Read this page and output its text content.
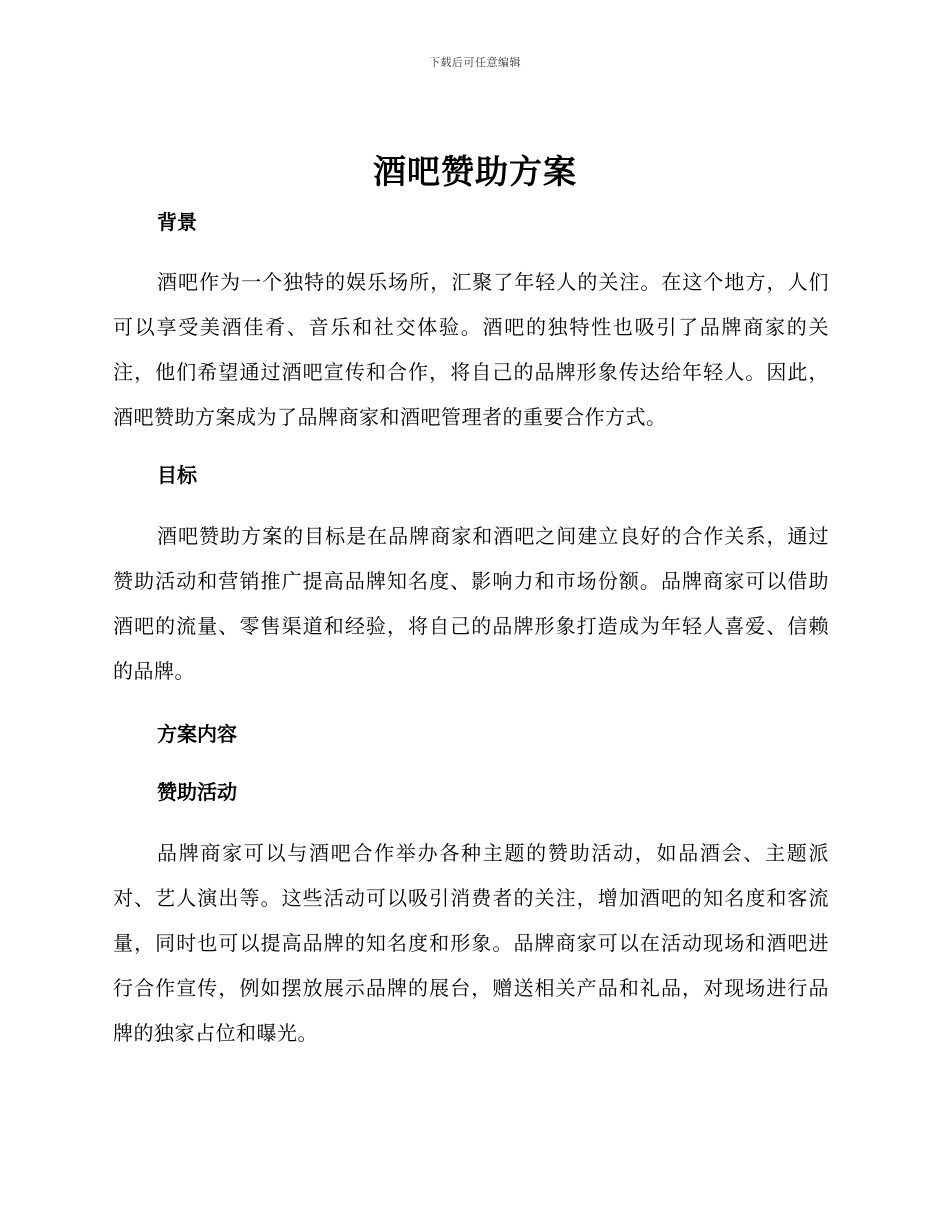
下载后可任意编辑
酒吧赞助方案
背景

酒吧作为一个独特的娱乐场所，汇聚了年轻人的关注。在这个地方，人们可以享受美酒佳肴、音乐和社交体验。酒吧的独特性也吸引了品牌商家的关注，他们希望通过酒吧宣传和合作，将自己的品牌形象传达给年轻人。因此，酒吧赞助方案成为了品牌商家和酒吧管理者的重要合作方式。

目标

酒吧赞助方案的目标是在品牌商家和酒吧之间建立良好的合作关系，通过赞助活动和营销推广提高品牌知名度、影响力和市场份额。品牌商家可以借助酒吧的流量、零售渠道和经验，将自己的品牌形象打造成为年轻人喜爱、信赖的品牌。

方案内容
赞助活动

品牌商家可以与酒吧合作举办各种主题的赞助活动，如品酒会、主题派对、艺人演出等。这些活动可以吸引消费者的关注，增加酒吧的知名度和客流量，同时也可以提高品牌的知名度和形象。品牌商家可以在活动现场和酒吧进行合作宣传，例如摆放展示品牌的展台，赠送相关产品和礼品，对现场进行品牌的独家占位和曝光。
